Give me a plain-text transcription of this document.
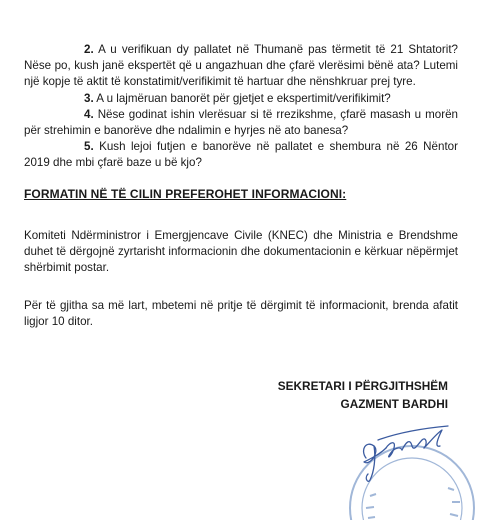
2. A u verifikuan dy pallatet në Thumanë pas tërmetit të 21 Shtatorit? Nëse po, kush janë ekspertët që u angazhuan dhe çfarë vlerësimi bënë ata? Lutemi një kopje të aktit të konstatimit/verifikimit të hartuar dhe nënshkruar prej tyre.

3. A u lajmëruan banorët për gjetjet e ekspertimit/verifikimit?

4. Nëse godinat ishin vlerësuar si të rrezikshme, çfarë masash u morën për strehimin e banorëve dhe ndalimin e hyrjes në ato banesa?

5. Kush lejoi futjen e banorëve në pallatet e shembura në 26 Nëntor 2019 dhe mbi çfarë baze u bë kjo?

FORMATIN NË TË CILIN PREFEROHET INFORMACIONI:

Komiteti Ndërministror i Emergjencave Civile (KNEC) dhe Ministria e Brendshme duhet të dërgojnë zyrtarisht informacionin dhe dokumentacionin e kërkuar nëpërmjet shërbimit postar.

Për të gjitha sa më lart, mbetemi në pritje të dërgimit të informacionit, brenda afatit ligjor 10 ditor.

SEKRETARI I PËRGJITHSHËM

GAZMENT BARDHI
